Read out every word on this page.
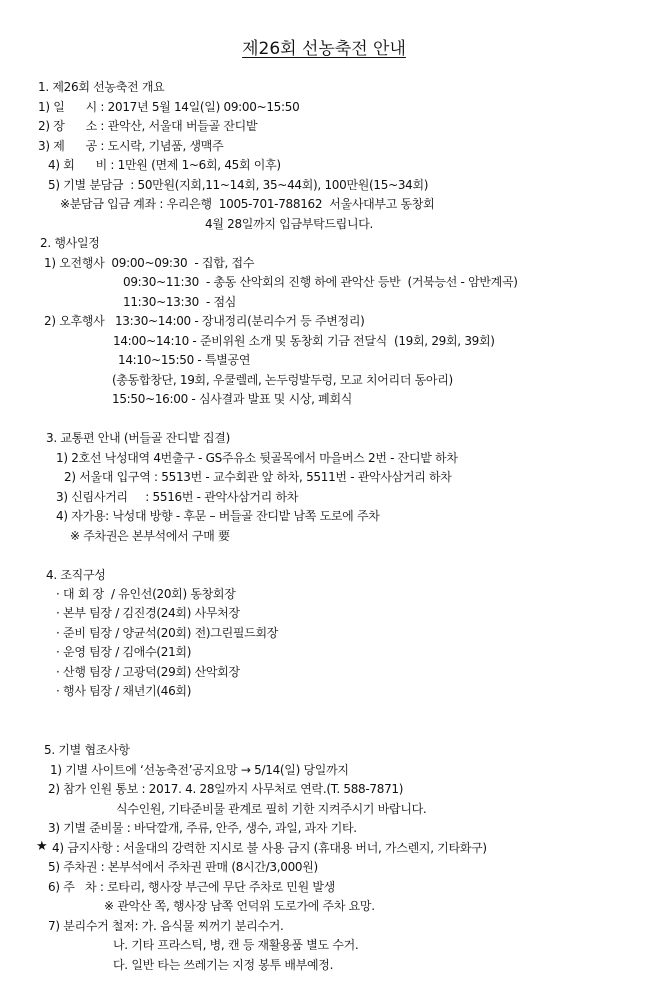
제26회 선농축전 안내
1. 제26회 선농축전 개요
1) 일      시 : 2017년 5월 14일(일) 09:00~15:50
2) 장      소 : 관악산, 서울대 버들골 잔디밭
3) 제      공 : 도시락, 기념품, 생맥주
4) 회      비 : 1만원 (면제 1~6회, 45회 이후)
5) 기별 분담금  : 50만원(지회,11~14회, 35~44회), 100만원(15~34회)
※분담금 입금 계좌 : 우리은행  1005-701-788162  서울사대부고 동창회
4월 28일까지 입금부탁드립니다.
2. 행사일정
1) 오전행사  09:00~09:30  - 집합, 접수
09:30~11:30  - 총동 산악회의 진행 하에 관악산 등반  (거북능선 - 암반계곡)
11:30~13:30  - 점심
2) 오후행사   13:30~14:00 - 장내정리(분리수거 등 주변정리)
14:00~14:10 - 준비위원 소개 및 동창회 기금 전달식  (19회, 29회, 39회)
14:10~15:50 - 특별공연
(총동합창단, 19회, 우쿨렐레, 논두렁발두렁, 모교 치어리더 동아리)
15:50~16:00 - 심사결과 발표 및 시상, 폐회식
3. 교통편 안내 (버들골 잔디밭 집결)
1) 2호선 낙성대역 4번출구 - GS주유소 뒷골목에서 마을버스 2번 - 잔디밭 하차
2) 서울대 입구역 : 5513번 - 교수회관 앞 하차, 5511번 - 관악사삼거리 하차
3) 신림사거리     : 5516번 - 관악사삼거리 하차
4) 자가용: 낙성대 방향 - 후문 – 버들골 잔디밭 남쪽 도로에 주차
※ 주차권은 본부석에서 구매 要
4. 조직구성
· 대 회 장  / 유인선(20회) 동창회장
· 본부 팀장 / 김진경(24회) 사무처장
· 준비 팀장 / 양균석(20회) 전)그린필드회장
· 운영 팀장 / 김애수(21회)
· 산행 팀장 / 고광덕(29회) 산악회장
· 행사 팀장 / 채년기(46회)
5. 기별 협조사항
1) 기별 사이트에 ‘선농축전’공지요망 → 5/14(일) 당일까지
2) 참가 인원 통보 : 2017. 4. 28일까지 사무처로 연락.(T. 588-7871)
식수인원, 기타준비물 관계로 필히 기한 지켜주시기 바랍니다.
3) 기별 준비물 : 바닥깔개, 주류, 안주, 생수, 과일, 과자 기타.
★ 4) 금지사항 : 서울대의 강력한 지시로 불 사용 금지 (휴대용 버너, 가스렌지, 기타화구)
5) 주차권 : 본부석에서 주차권 판매 (8시간/3,000원)
6) 주   차 : 로타리, 행사장 부근에 무단 주차로 민원 발생
※ 관악산 쪽, 행사장 남쪽 언덕위 도로가에 주차 요망.
7) 분리수거 철저: 가. 음식물 찌꺼기 분리수거.
나. 기타 프라스틱, 병, 캔 등 재활용품 별도 수거.
다. 일반 타는 쓰레기는 지정 봉투 배부예정.
